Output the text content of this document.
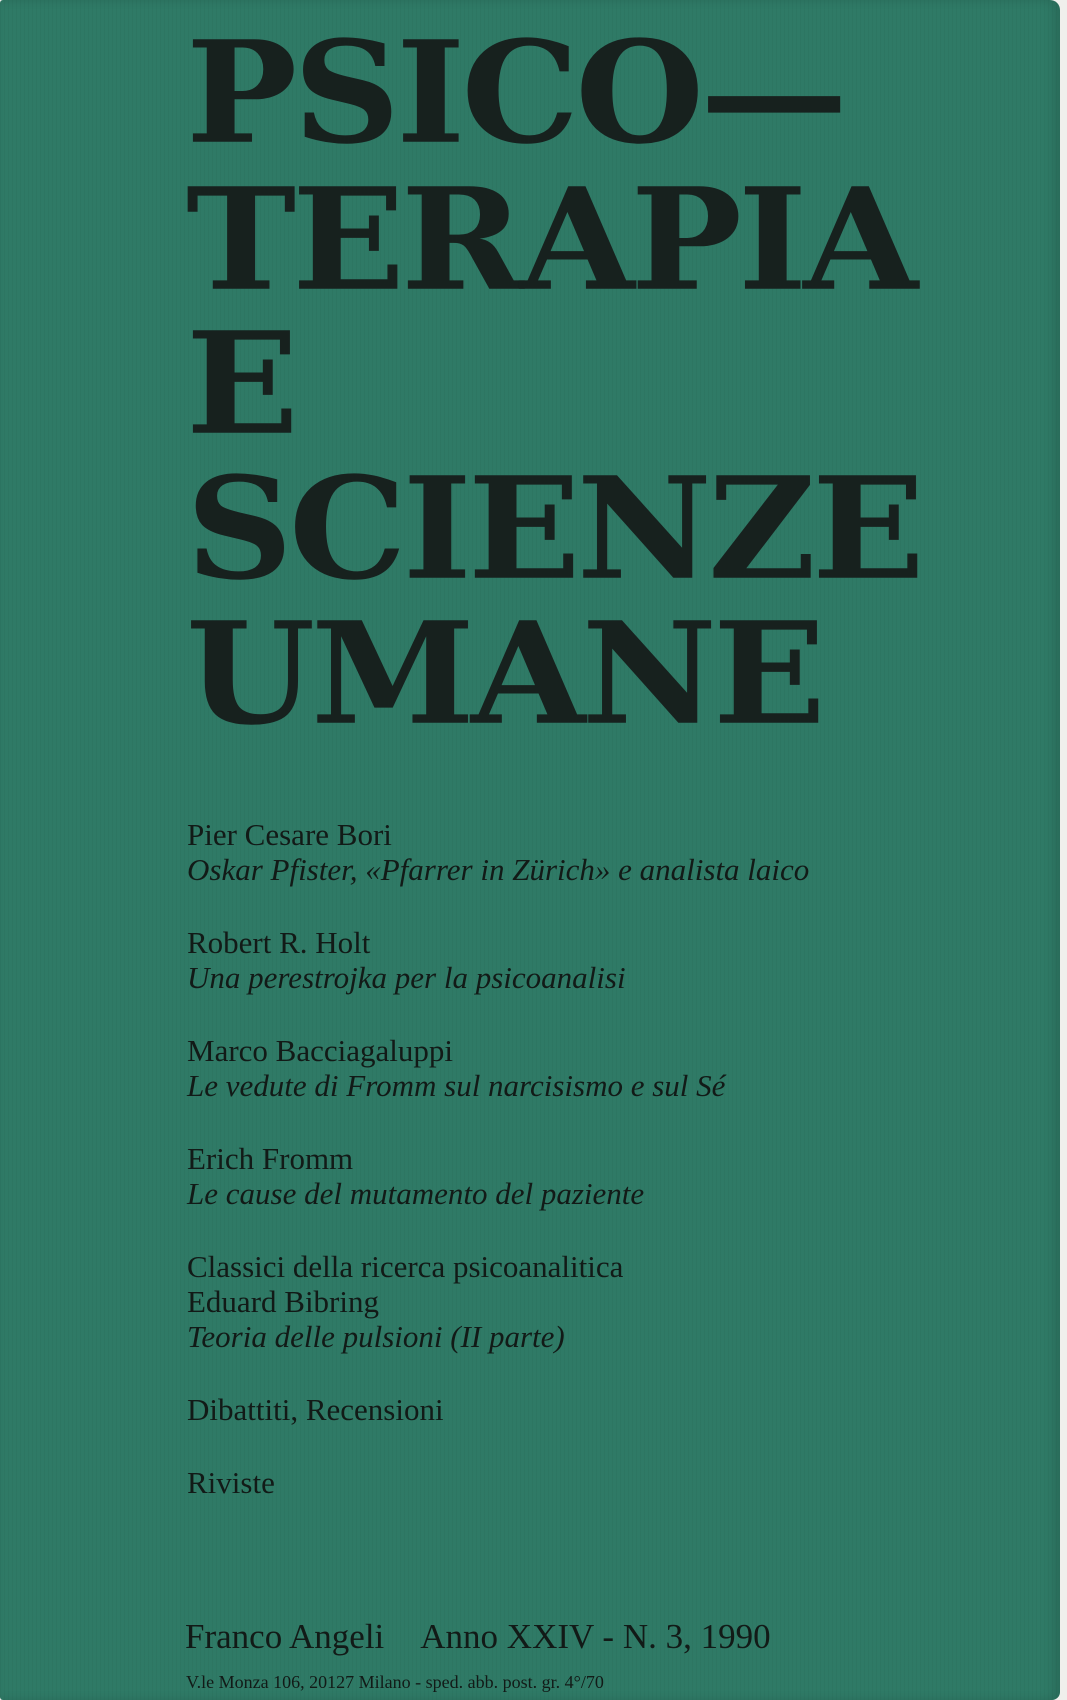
PSICO—
TERAPIA
E
SCIENZE
UMANE

Pier Cesare Bori

Oskar Pfister, «Pfarrer in Zürich» e analista laico

Robert R. Holt

Una perestrojka per la psicoanalisi

Marco Bacciagaluppi

Le vedute di Fromm sul narcisismo e sul Sé

Erich Fromm

Le cause del mutamento del paziente

Classici della ricerca psicoanalitica

Eduard Bibring

Teoria delle pulsioni (II parte)

Dibattiti, Recensioni

Riviste

Franco Angeli Anno XXIV - N. 3, 1990
V.le Monza 106, 20127 Milano - sped. abb. post. gr. 4°/70
